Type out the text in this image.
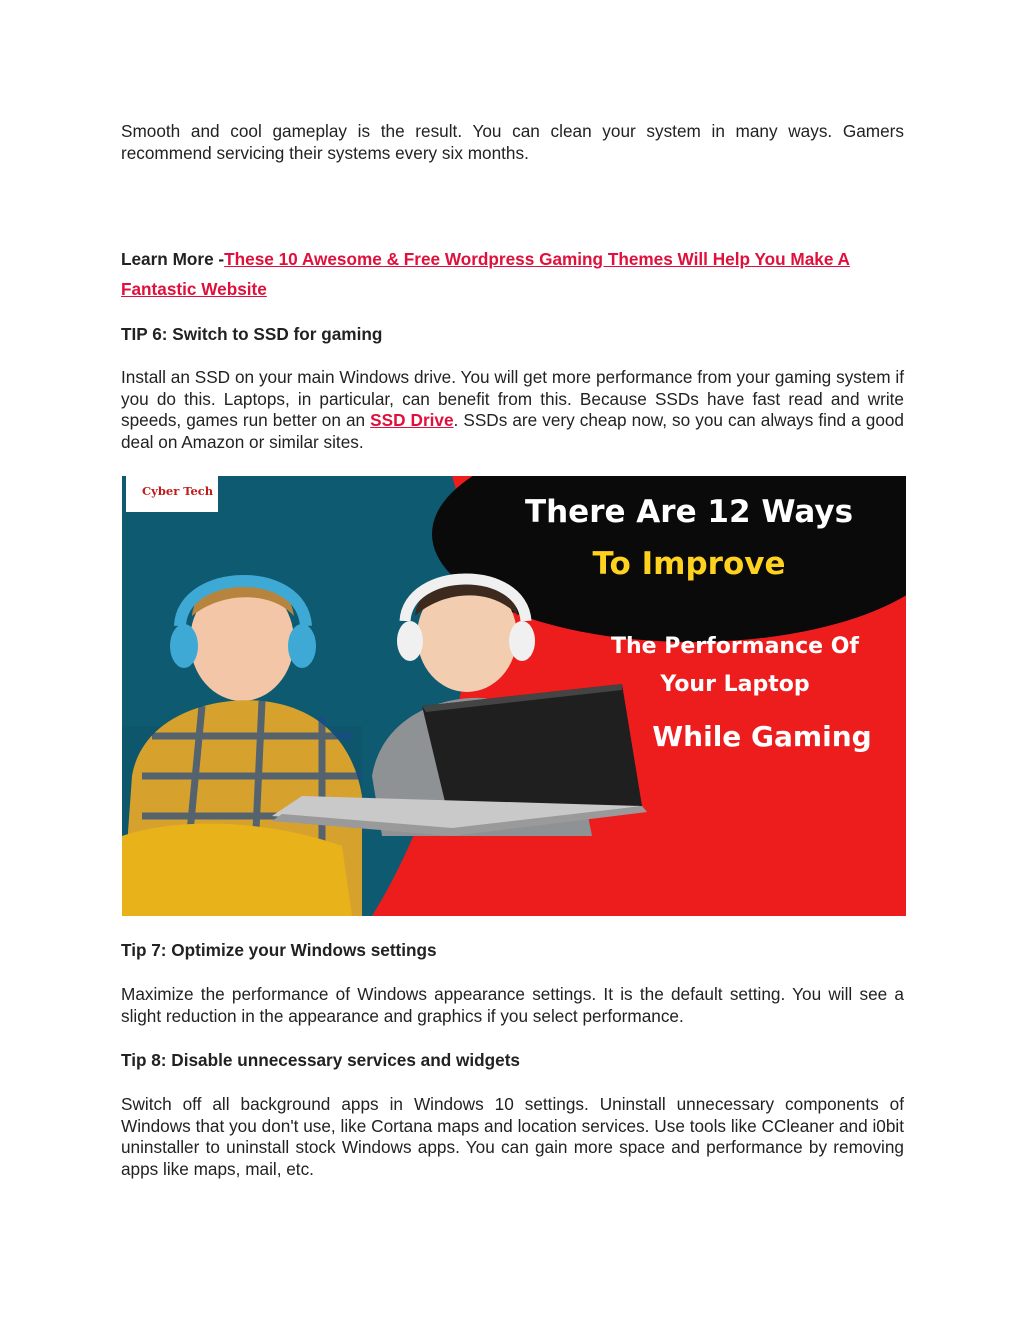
Smooth and cool gameplay is the result. You can clean your system in many ways. Gamers recommend servicing their systems every six months.

Learn More -These 10 Awesome & Free Wordpress Gaming Themes Will Help You Make A Fantastic Website
TIP 6: Switch to SSD for gaming

Install an SSD on your main Windows drive. You will get more performance from your gaming system if you do this. Laptops, in particular, can benefit from this. Because SSDs have fast read and write speeds, games run better on an SSD Drive. SSDs are very cheap now, so you can always find a good deal on Amazon or similar sites.

Cyber Tech
There Are 12 Ways
To Improve
The Performance Of
Your Laptop
While Gaming
Tip 7: Optimize your Windows settings

Maximize the performance of Windows appearance settings. It is the default setting. You will see a slight reduction in the appearance and graphics if you select performance.

Tip 8: Disable unnecessary services and widgets

Switch off all background apps in Windows 10 settings. Uninstall unnecessary components of Windows that you don't use, like Cortana maps and location services. Use tools like CCleaner and i0bit uninstaller to uninstall stock Windows apps. You can gain more space and performance by removing apps like maps, mail, etc.
